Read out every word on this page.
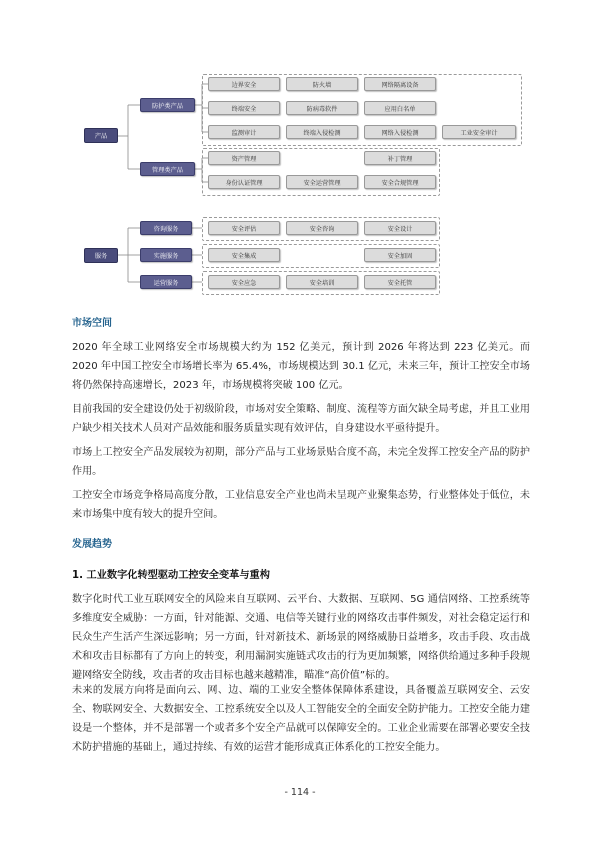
产品
防护类产品
管理类产品
边界安全	防火墙	网络隔离设备
终端安全	防病毒软件	应用白名单
监测审计	终端入侵检测	网络入侵检测	工业安全审计
资产管理	补丁管理
身份认证管理	安全运营管理	安全合规管理
服务
咨询服务
实施服务
运营服务
安全评估	安全咨询	安全设计
安全集成	安全加固
安全应急	安全培训	安全托管
市场空间

2020 年全球工业网络安全市场规模大约为 152 亿美元，预计到 2026 年将达到 223 亿美元。而 2020 年中国工控安全市场增长率为 65.4%，市场规模达到 30.1 亿元，未来三年，预计工控安全市场将仍然保持高速增长，2023 年，市场规模将突破 100 亿元。

目前我国的安全建设仍处于初级阶段，市场对安全策略、制度、流程等方面欠缺全局考虑，并且工业用户缺少相关技术人员对产品效能和服务质量实现有效评估，自身建设水平亟待提升。

市场上工控安全产品发展较为初期，部分产品与工业场景贴合度不高，未完全发挥工控安全产品的防护作用。

工控安全市场竞争格局高度分散，工业信息安全产业也尚未呈现产业聚集态势，行业整体处于低位，未来市场集中度有较大的提升空间。

发展趋势
1. 工业数字化转型驱动工控安全变革与重构

数字化时代工业互联网安全的风险来自互联网、云平台、大数据、互联网、5G 通信网络、工控系统等多维度安全威胁：一方面，针对能源、交通、电信等关键行业的网络攻击事件频发，对社会稳定运行和民众生产生活产生深远影响；另一方面，针对新技术、新场景的网络威胁日益增多，攻击手段、攻击战术和攻击目标都有了方向上的转变，利用漏洞实施链式攻击的行为更加频繁，网络供给通过多种手段规避网络安全防线，攻击者的攻击目标也越来越精准，瞄准“高价值”标的。

未来的发展方向将是面向云、网、边、端的工业安全整体保障体系建设，具备覆盖互联网安全、云安全、物联网安全、大数据安全、工控系统安全以及人工智能安全的全面安全防护能力。工控安全能力建设是一个整体，并不是部署一个或者多个安全产品就可以保障安全的。工业企业需要在部署必要安全技术防护措施的基础上，通过持续、有效的运营才能形成真正体系化的工控安全能力。

- 114 -
